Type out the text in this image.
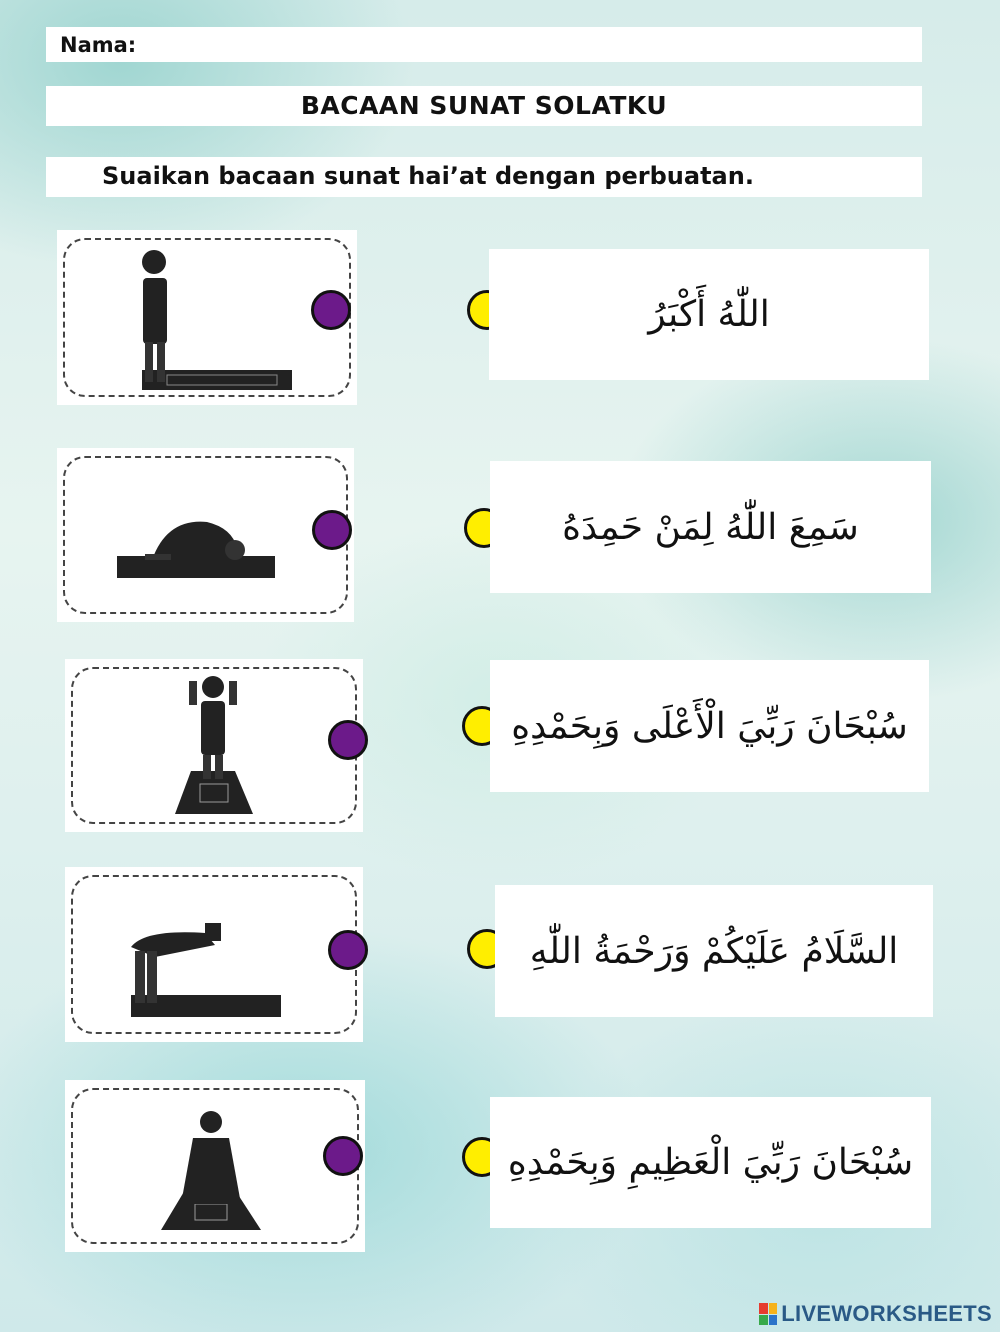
Nama:
BACAAN SUNAT SOLATKU
Suaikan bacaan sunat hai’at dengan perbuatan.
اللّٰهُ أَكْبَرُ
سَمِعَ اللّٰهُ لِمَنْ حَمِدَهُ
سُبْحَانَ رَبِّيَ الْأَعْلَى وَبِحَمْدِهِ
السَّلَامُ عَلَيْكُمْ وَرَحْمَةُ اللّٰهِ
سُبْحَانَ رَبِّيَ الْعَظِيمِ وَبِحَمْدِهِ
LIVEWORKSHEETS
